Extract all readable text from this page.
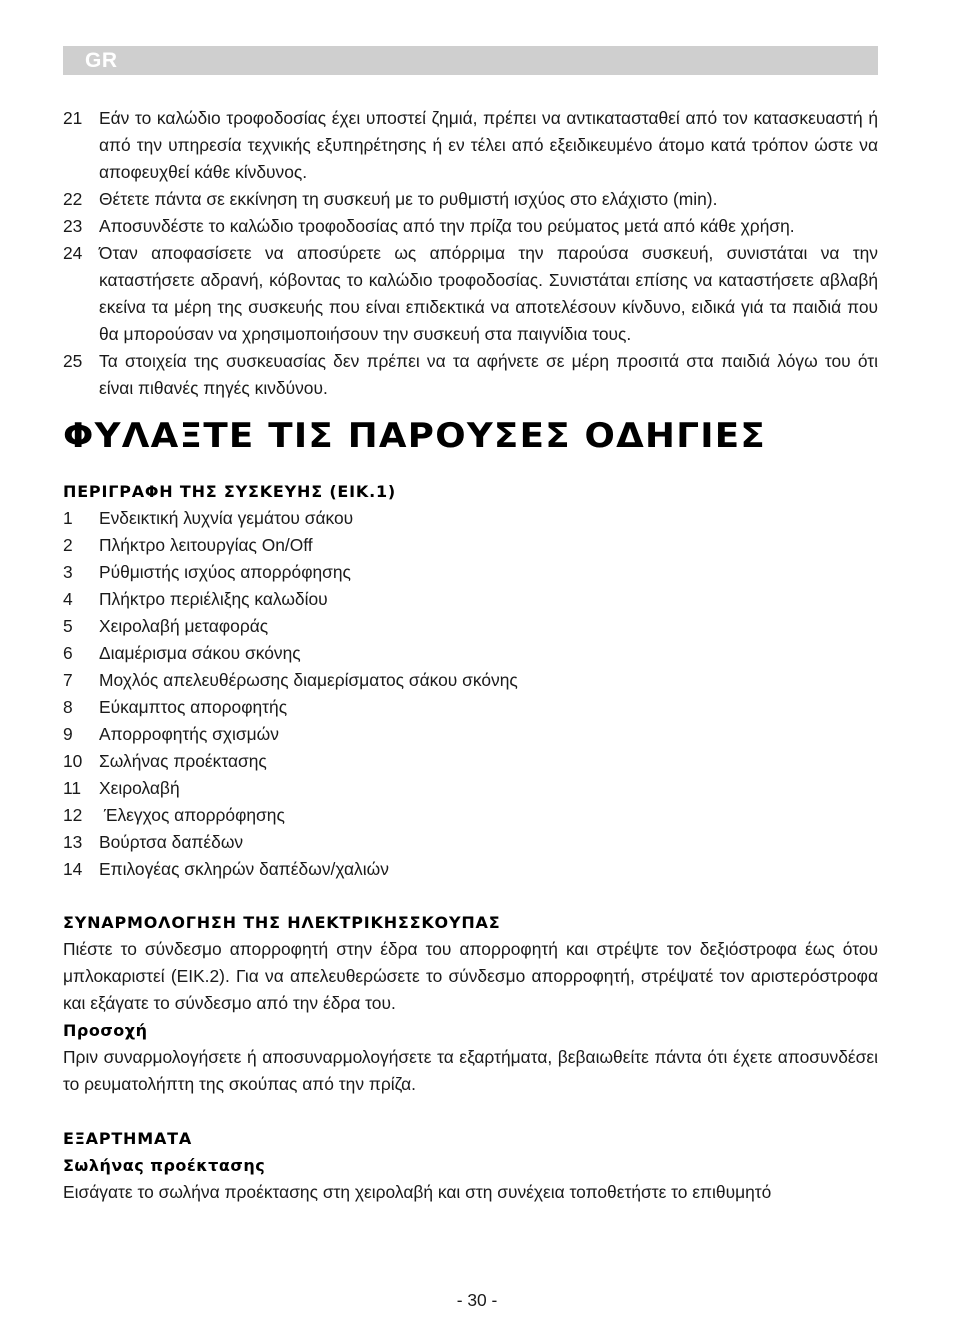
GR
21 Εάν το καλώδιο τροφοδοσίας έχει υποστεί ζημιά, πρέπει να αντικατασταθεί από τον κατασκευαστή ή από την υπηρεσία τεχνικής εξυπηρέτησης ή εν τέλει από εξειδικευμένο άτομο κατά τρόπον ώστε να αποφευχθεί κάθε κίνδυνος.
22 Θέτετε πάντα σε εκκίνηση τη συσκευή με το ρυθμιστή ισχύος στο ελάχιστο (min).
23 Αποσυνδέστε το καλώδιο τροφοδοσίας από την πρίζα του ρεύματος μετά από κάθε χρήση.
24 Όταν αποφασίσετε να αποσύρετε ως απόρριμα την παρούσα συσκευή, συνιστάται να την καταστήσετε αδρανή, κόβοντας το καλώδιο τροφοδοσίας. Συνιστάται επίσης να καταστήσετε αβλαβή εκείνα τα μέρη της συσκευής που είναι επιδεκτικά να αποτελέσουν κίνδυνο, ειδικά γιά τα παιδιά που θα μπορούσαν να χρησιμοποιήσουν την συσκευή στα παιγνίδια τους.
25 Τα στοιχεία της συσκευασίας δεν πρέπει να τα αφήνετε σε μέρη προσιτά στα παιδιά λόγω του ότι είναι πιθανές πηγές κινδύνου.
ΦΥΛΑΞΤΕ ΤΙΣ ΠΑΡΟΥΣΕΣ ΟΔΗΓΙΕΣ
ΠΕΡΙΓΡΑΦΗ ΤΗΣ ΣΥΣΚΕΥΗΣ (ΕΙΚ.1)
1	Ενδεικτική λυχνία γεμάτου σάκου
2	Πλήκτρο λειτουργίας On/Off
3	Ρύθμιστής ισχύος απορρόφησης
4	Πλήκτρο περιέλιξης καλωδίου
5	Χειρολαβή μεταφοράς
6	Διαμέρισμα σάκου σκόνης
7	Μοχλός απελευθέρωσης διαμερίσματος σάκου σκόνης
8	Εύκαμπτος αποροφητής
9	Απορροφητής σχισμών
10 Σωλήνας προέκτασης
11	Χειρολαβή
12 Έλεγχος απορρόφησης
13 Βούρτσα δαπέδων
14 Επιλογέας σκληρών δαπέδων/χαλιών
ΣΥΝΑΡΜΟΛΟΓΗΣΗ ΤΗΣ ΗΛΕΚΤΡΙΚΗΣΣΚΟΥΠΑΣ
Πιέστε το σύνδεσμο απορροφητή στην έδρα του απορροφητή και στρέψτε τον δεξιόστροφα έως ότου μπλοκαριστεί (ΕΙΚ.2). Για να απελευθερώσετε το σύνδεσμο απορροφητή, στρέψατέ τον αριστερόστροφα και εξάγατε το σύνδεσμο από την έδρα του.
Προσοχή
Πριν συναρμολογήσετε ή αποσυναρμολογήσετε τα εξαρτήματα, βεβαιωθείτε πάντα ότι έχετε αποσυνδέσει το ρευματολήπτη της σκούπας από την πρίζα.
ΕΞΑΡΤΗΜΑΤΑ
Σωλήνας προέκτασης
Εισάγατε το σωλήνα προέκτασης στη χειρολαβή και στη συνέχεια τοποθετήστε το επιθυμητό
- 30 -
